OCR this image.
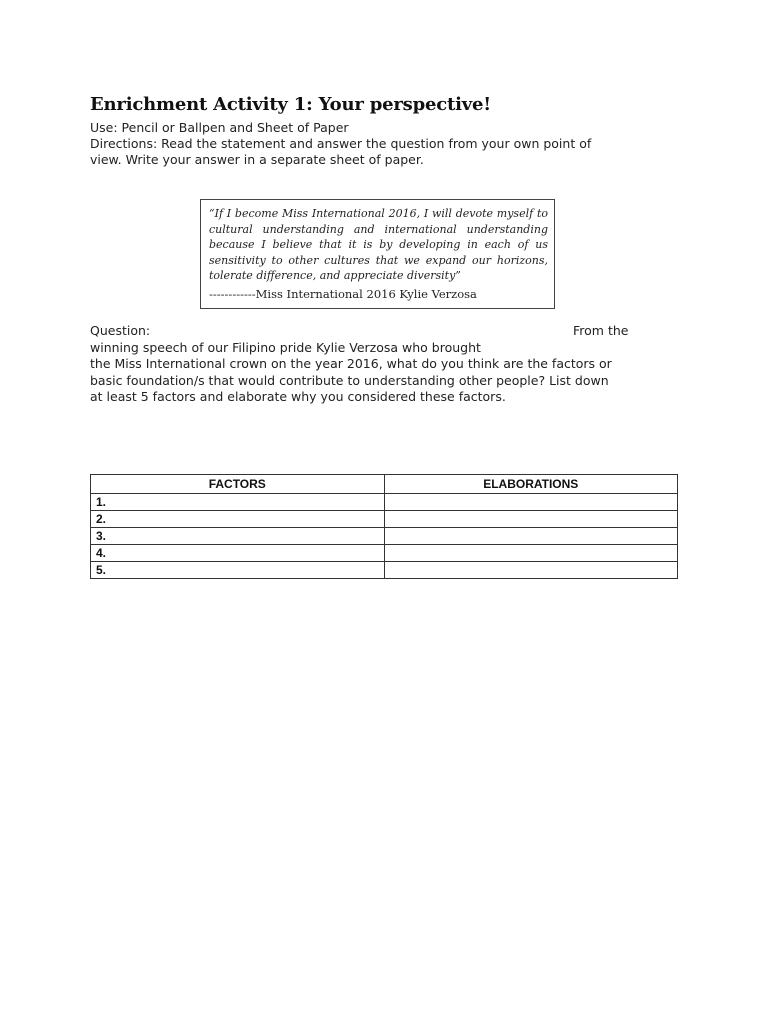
Enrichment Activity 1: Your perspective!
Use: Pencil or Ballpen and Sheet of Paper
Directions: Read the statement and answer the question from your own point of
view. Write your answer in a separate sheet of paper.

“If I become Miss International 2016, I will devote myself to cultural understanding and international understanding because I believe that it is by developing in each of us sensitivity to other cultures that we expand our horizons, tolerate difference, and appreciate diversity”

------------Miss International 2016 Kylie Verzosa
Question:	From the
winning speech of our Filipino pride Kylie Verzosa who brought
the Miss International crown on the year 2016, what do you think are the factors or
basic foundation/s that would contribute to understanding other people? List down
at least 5 factors and elaborate why you considered these factors.
FACTORS	ELABORATIONS
1.	
2.	
3.	
4.	
5.	
